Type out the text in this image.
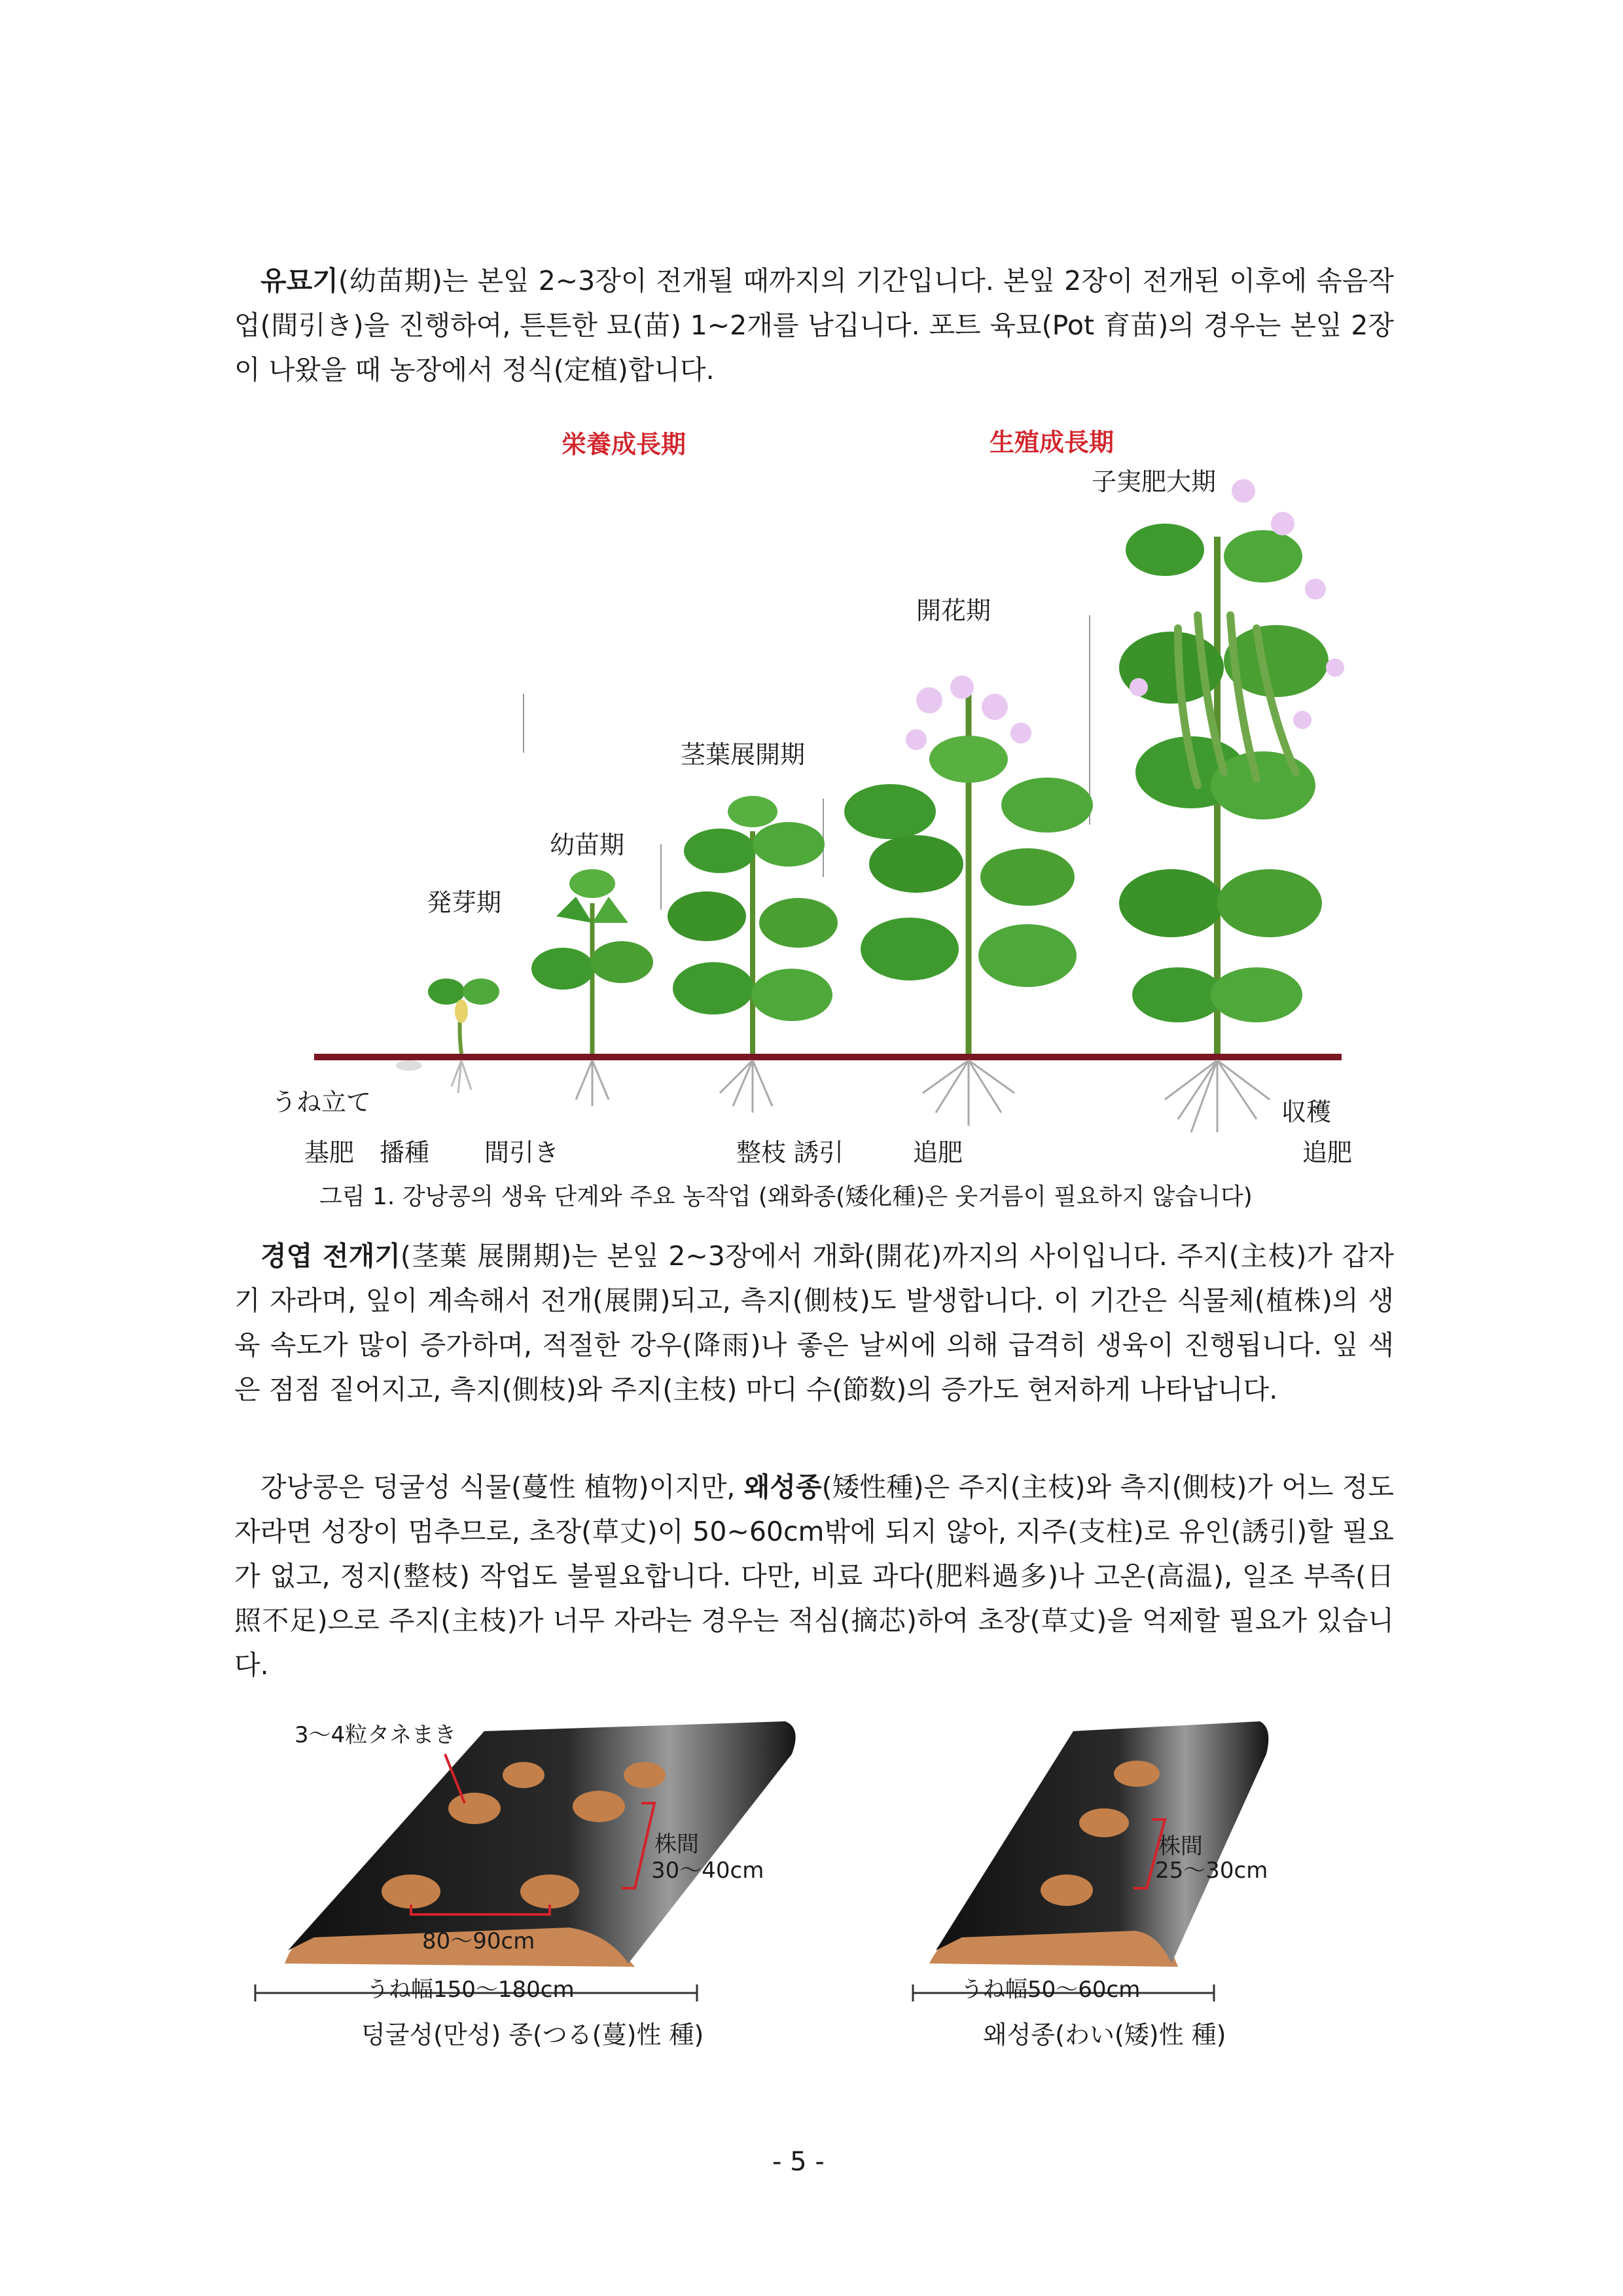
유묘기(幼苗期)는 본잎 2~3장이 전개될 때까지의 기간입니다. 본잎 2장이 전개된 이후에 솎음작업(間引き)을 진행하여, 튼튼한 묘(苗) 1~2개를 남깁니다. 포트 육묘(Pot 育苗)의 경우는 본잎 2장이 나왔을 때 농장에서 정식(定植)합니다.

栄養成長期	生殖成長期
子実肥大期
開花期
茎葉展開期
幼苗期
発芽期
うね立て
基肥 播種 間引き	整枝 誘引	追肥
収穫
追肥
그림 1. 강낭콩의 생육 단계와 주요 농작업 (왜화종(矮化種)은 웃거름이 필요하지 않습니다)

경엽 전개기(茎葉 展開期)는 본잎 2~3장에서 개화(開花)까지의 사이입니다. 주지(主枝)가 갑자기 자라며, 잎이 계속해서 전개(展開)되고, 측지(側枝)도 발생합니다. 이 기간은 식물체(植株)의 생육 속도가 많이 증가하며, 적절한 강우(降雨)나 좋은 날씨에 의해 급격히 생육이 진행됩니다. 잎 색은 점점 짙어지고, 측지(側枝)와 주지(主枝) 마디 수(節数)의 증가도 현저하게 나타납니다.

강낭콩은 덩굴성 식물(蔓性 植物)이지만, 왜성종(矮性種)은 주지(主枝)와 측지(側枝)가 어느 정도 자라면 성장이 멈추므로, 초장(草丈)이 50~60cm밖에 되지 않아, 지주(支柱)로 유인(誘引)할 필요가 없고, 정지(整枝) 작업도 불필요합니다. 다만, 비료 과다(肥料過多)나 고온(高温), 일조 부족(日照不足)으로 주지(主枝)가 너무 자라는 경우는 적심(摘芯)하여 초장(草丈)을 억제할 필요가 있습니다.

3～4粒タネまき
株間
30～40cm
80～90cm
うね幅150～180cm
덩굴성(만성) 종(つる(蔓)性 種)
株間
25～30cm
うね幅50～60cm
왜성종(わい(矮)性 種)
- 5 -
